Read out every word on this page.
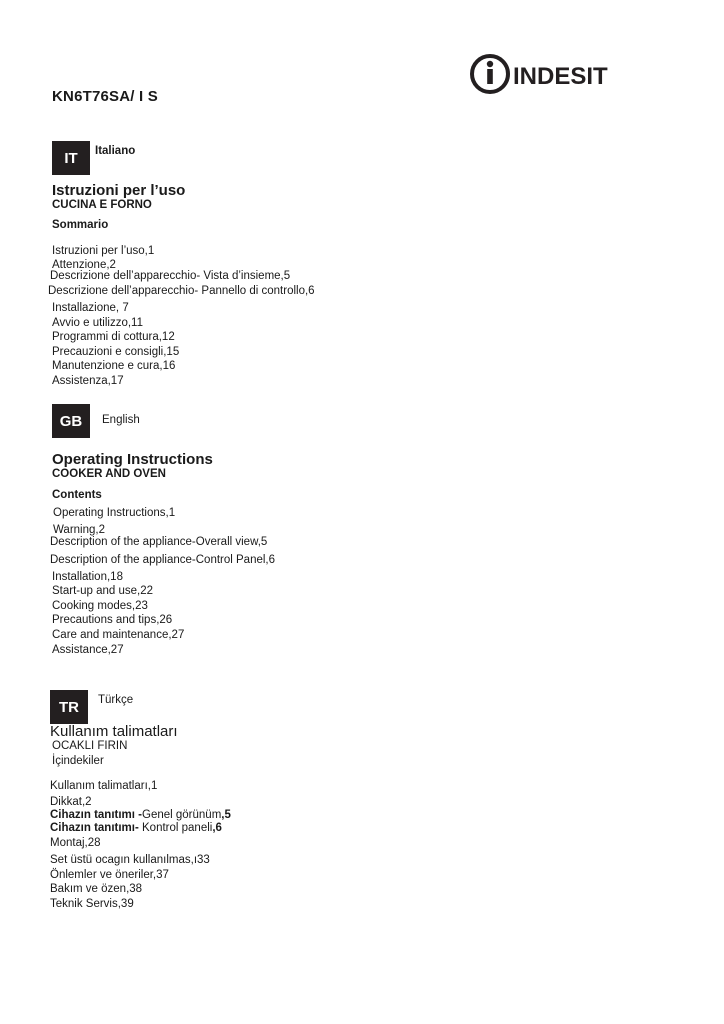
INDESIT
KN6T76SA/ I S
IT	Italiano
Istruzioni per l’uso
CUCINA E FORNO
Sommario
Istruzioni per l’uso,1
Attenzione,2
Descrizione dell’apparecchio- Vista d’insieme,5
Descrizione dell’apparecchio- Pannello di controllo,6
Installazione, 7
Avvio e utilizzo,11
Programmi di cottura,12
Precauzioni e consigli,15
Manutenzione e cura,16
Assistenza,17
GB	English
Operating Instructions
COOKER AND OVEN
Contents
Operating Instructions,1
Warning,2
Description of the appliance-Overall view,5
Description of the appliance-Control Panel,6
Installation,18
Start-up and use,22
Cooking modes,23
Precautions and tips,26
Care and maintenance,27
Assistance,27
TR	Türkçe
Kullanım talimatları
OCAKLI FIRIN
İçindekiler
Kullanım talimatları,1
Dikkat,2
Cihazın tanıtımı -Genel görünüm,5
Cihazın tanıtımı- Kontrol paneli,6
Montaj,28
Set üstü ocagın kullanılmas,ı33
Önlemler ve öneriler,37
Bakım ve özen,38
Teknik Servis,39
